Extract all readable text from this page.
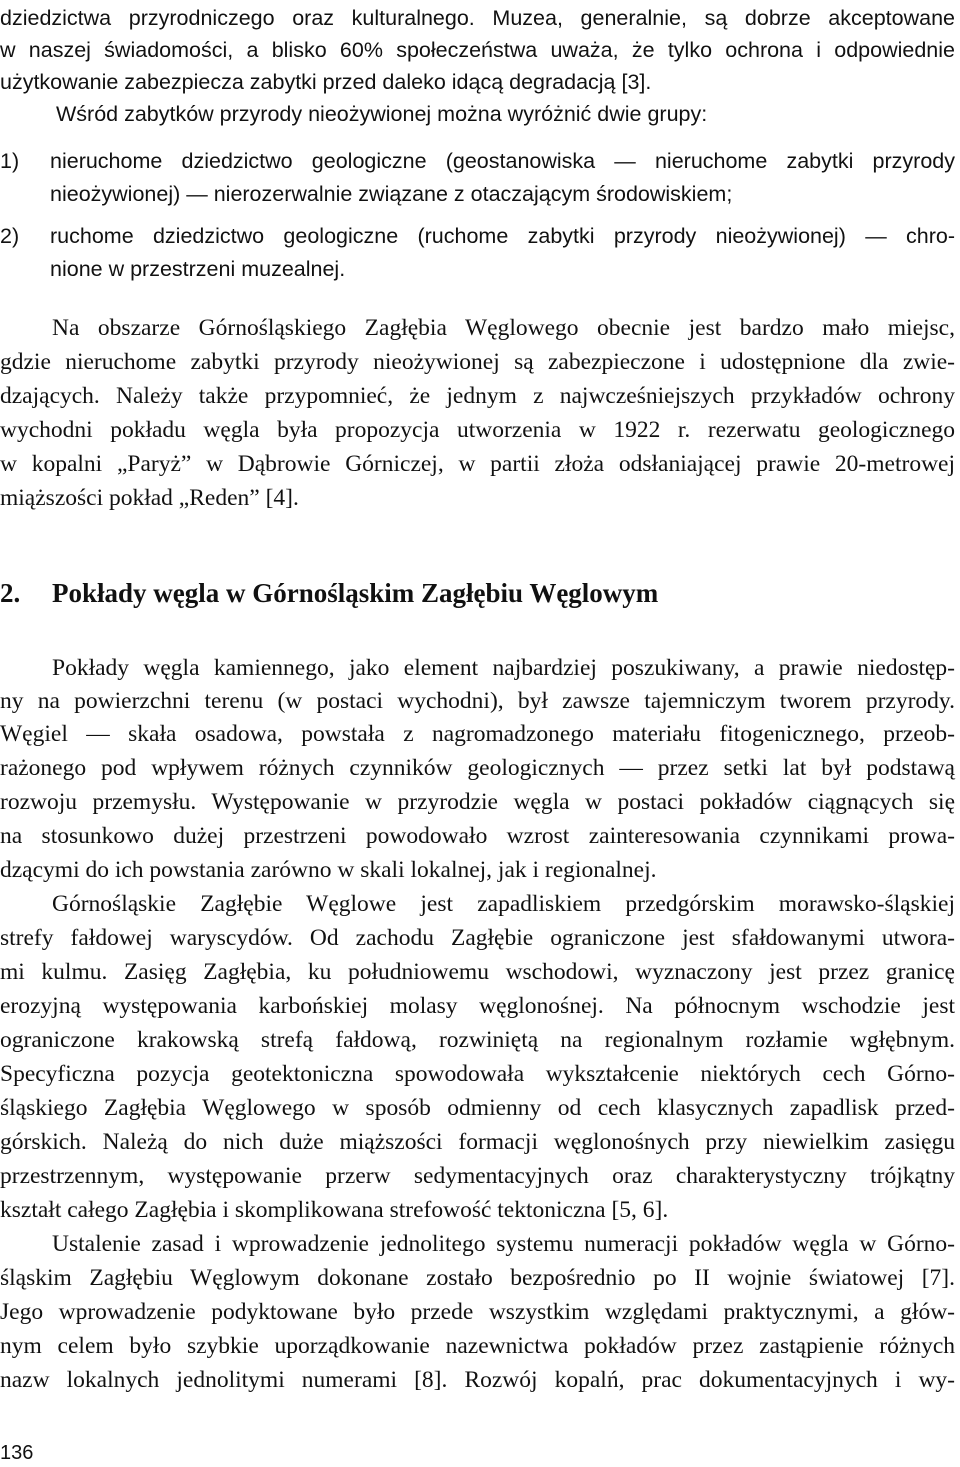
dziedzictwa przyrodniczego oraz kulturalnego. Muzea, generalnie, są dobrze akceptowane
w naszej świadomości, a blisko 60% społeczeństwa uważa, że tylko ochrona i odpowiednie
użytkowanie zabezpiecza zabytki przed daleko idącą degradacją [3].
Wśród zabytków przyrody nieożywionej można wyróżnić dwie grupy:
1)	nieruchome dziedzictwo geologiczne (geostanowiska — nieruchome zabytki przyrody
nieożywionej) — nierozerwalnie związane z otaczającym środowiskiem;
2)	ruchome dziedzictwo geologiczne (ruchome zabytki przyrody nieożywionej) — chro-
nione w przestrzeni muzealnej.
Na obszarze Górnośląskiego Zagłębia Węglowego obecnie jest bardzo mało miejsc,
gdzie nieruchome zabytki przyrody nieożywionej są zabezpieczone i udostępnione dla zwie-
dzających. Należy także przypomnieć, że jednym z najwcześniejszych przykładów ochrony
wychodni pokładu węgla była propozycja utworzenia w 1922 r. rezerwatu geologicznego
w kopalni „Paryż” w Dąbrowie Górniczej, w partii złoża odsłaniającej prawie 20-metrowej
miąższości pokład „Reden” [4].
2. Pokłady węgla w Górnośląskim Zagłębiu Węglowym
Pokłady węgla kamiennego, jako element najbardziej poszukiwany, a prawie niedostęp-
ny na powierzchni terenu (w postaci wychodni), był zawsze tajemniczym tworem przyrody.
Węgiel — skała osadowa, powstała z nagromadzonego materiału fitogenicznego, przeob-
rażonego pod wpływem różnych czynników geologicznych — przez setki lat był podstawą
rozwoju przemysłu. Występowanie w przyrodzie węgla w postaci pokładów ciągnących się
na stosunkowo dużej przestrzeni powodowało wzrost zainteresowania czynnikami prowa-
dzącymi do ich powstania zarówno w skali lokalnej, jak i regionalnej.
Górnośląskie Zagłębie Węglowe jest zapadliskiem przedgórskim morawsko-śląskiej
strefy fałdowej waryscydów. Od zachodu Zagłębie ograniczone jest sfałdowanymi utwora-
mi kulmu. Zasięg Zagłębia, ku południowemu wschodowi, wyznaczony jest przez granicę
erozyjną występowania karbońskiej molasy węglonośnej. Na północnym wschodzie jest
ograniczone krakowską strefą fałdową, rozwiniętą na regionalnym rozłamie wgłębnym.
Specyficzna pozycja geotektoniczna spowodowała wykształcenie niektórych cech Górno-
śląskiego Zagłębia Węglowego w sposób odmienny od cech klasycznych zapadlisk przed-
górskich. Należą do nich duże miąższości formacji węglonośnych przy niewielkim zasięgu
przestrzennym, występowanie przerw sedymentacyjnych oraz charakterystyczny trójkątny
kształt całego Zagłębia i skomplikowana strefowość tektoniczna [5, 6].
Ustalenie zasad i wprowadzenie jednolitego systemu numeracji pokładów węgla w Górno-
śląskim Zagłębiu Węglowym dokonane zostało bezpośrednio po II wojnie światowej [7].
Jego wprowadzenie podyktowane było przede wszystkim względami praktycznymi, a głów-
nym celem było szybkie uporządkowanie nazewnictwa pokładów przez zastąpienie różnych
nazw lokalnych jednolitymi numerami [8]. Rozwój kopalń, prac dokumentacyjnych i wy-
136
